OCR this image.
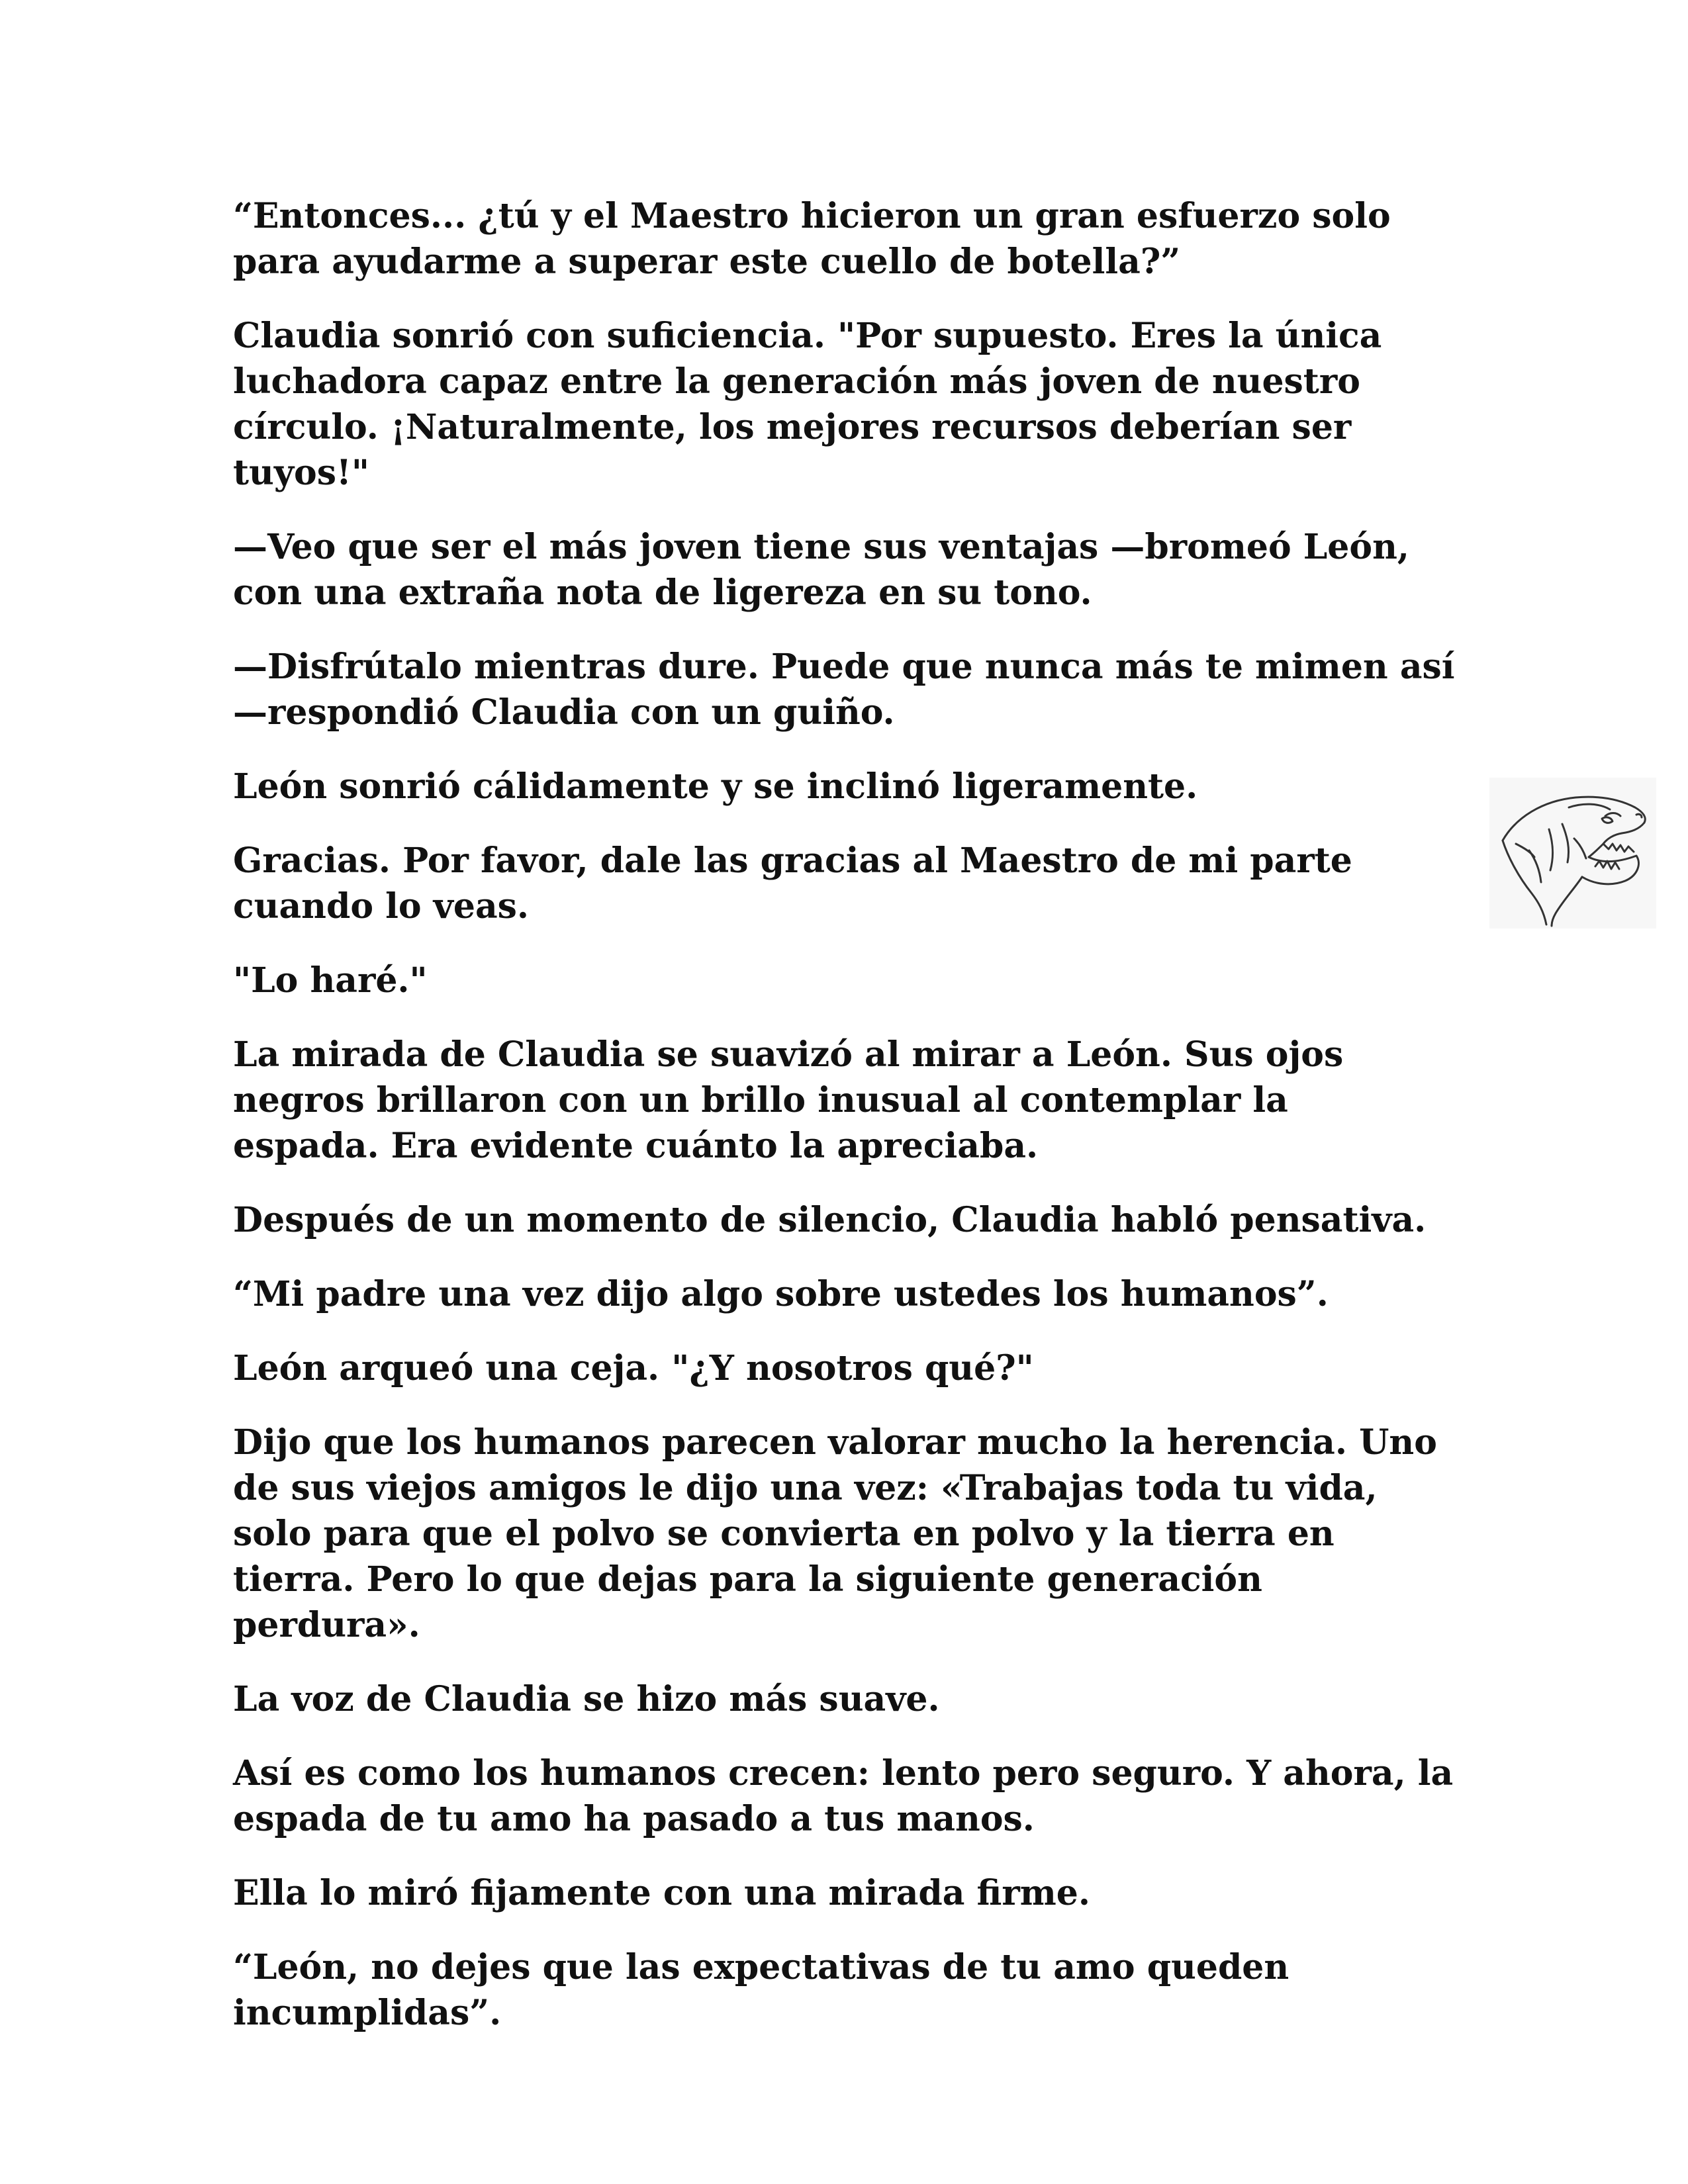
“Entonces... ¿tú y el Maestro hicieron un gran esfuerzo solo
para ayudarme a superar este cuello de botella?”

Claudia sonrió con suficiencia. "Por supuesto. Eres la única
luchadora capaz entre la generación más joven de nuestro
círculo. ¡Naturalmente, los mejores recursos deberían ser
tuyos!"

—Veo que ser el más joven tiene sus ventajas —bromeó León,
con una extraña nota de ligereza en su tono.

—Disfrútalo mientras dure. Puede que nunca más te mimen así
—respondió Claudia con un guiño.

León sonrió cálidamente y se inclinó ligeramente.

Gracias. Por favor, dale las gracias al Maestro de mi parte
cuando lo veas.

"Lo haré."

La mirada de Claudia se suavizó al mirar a León. Sus ojos
negros brillaron con un brillo inusual al contemplar la
espada. Era evidente cuánto la apreciaba.

Después de un momento de silencio, Claudia habló pensativa.

“Mi padre una vez dijo algo sobre ustedes los humanos”.

León arqueó una ceja. "¿Y nosotros qué?"

Dijo que los humanos parecen valorar mucho la herencia. Uno
de sus viejos amigos le dijo una vez: «Trabajas toda tu vida,
solo para que el polvo se convierta en polvo y la tierra en
tierra. Pero lo que dejas para la siguiente generación
perdura».

La voz de Claudia se hizo más suave.

Así es como los humanos crecen: lento pero seguro. Y ahora, la
espada de tu amo ha pasado a tus manos.

Ella lo miró fijamente con una mirada firme.

“León, no dejes que las expectativas de tu amo queden
incumplidas”.
